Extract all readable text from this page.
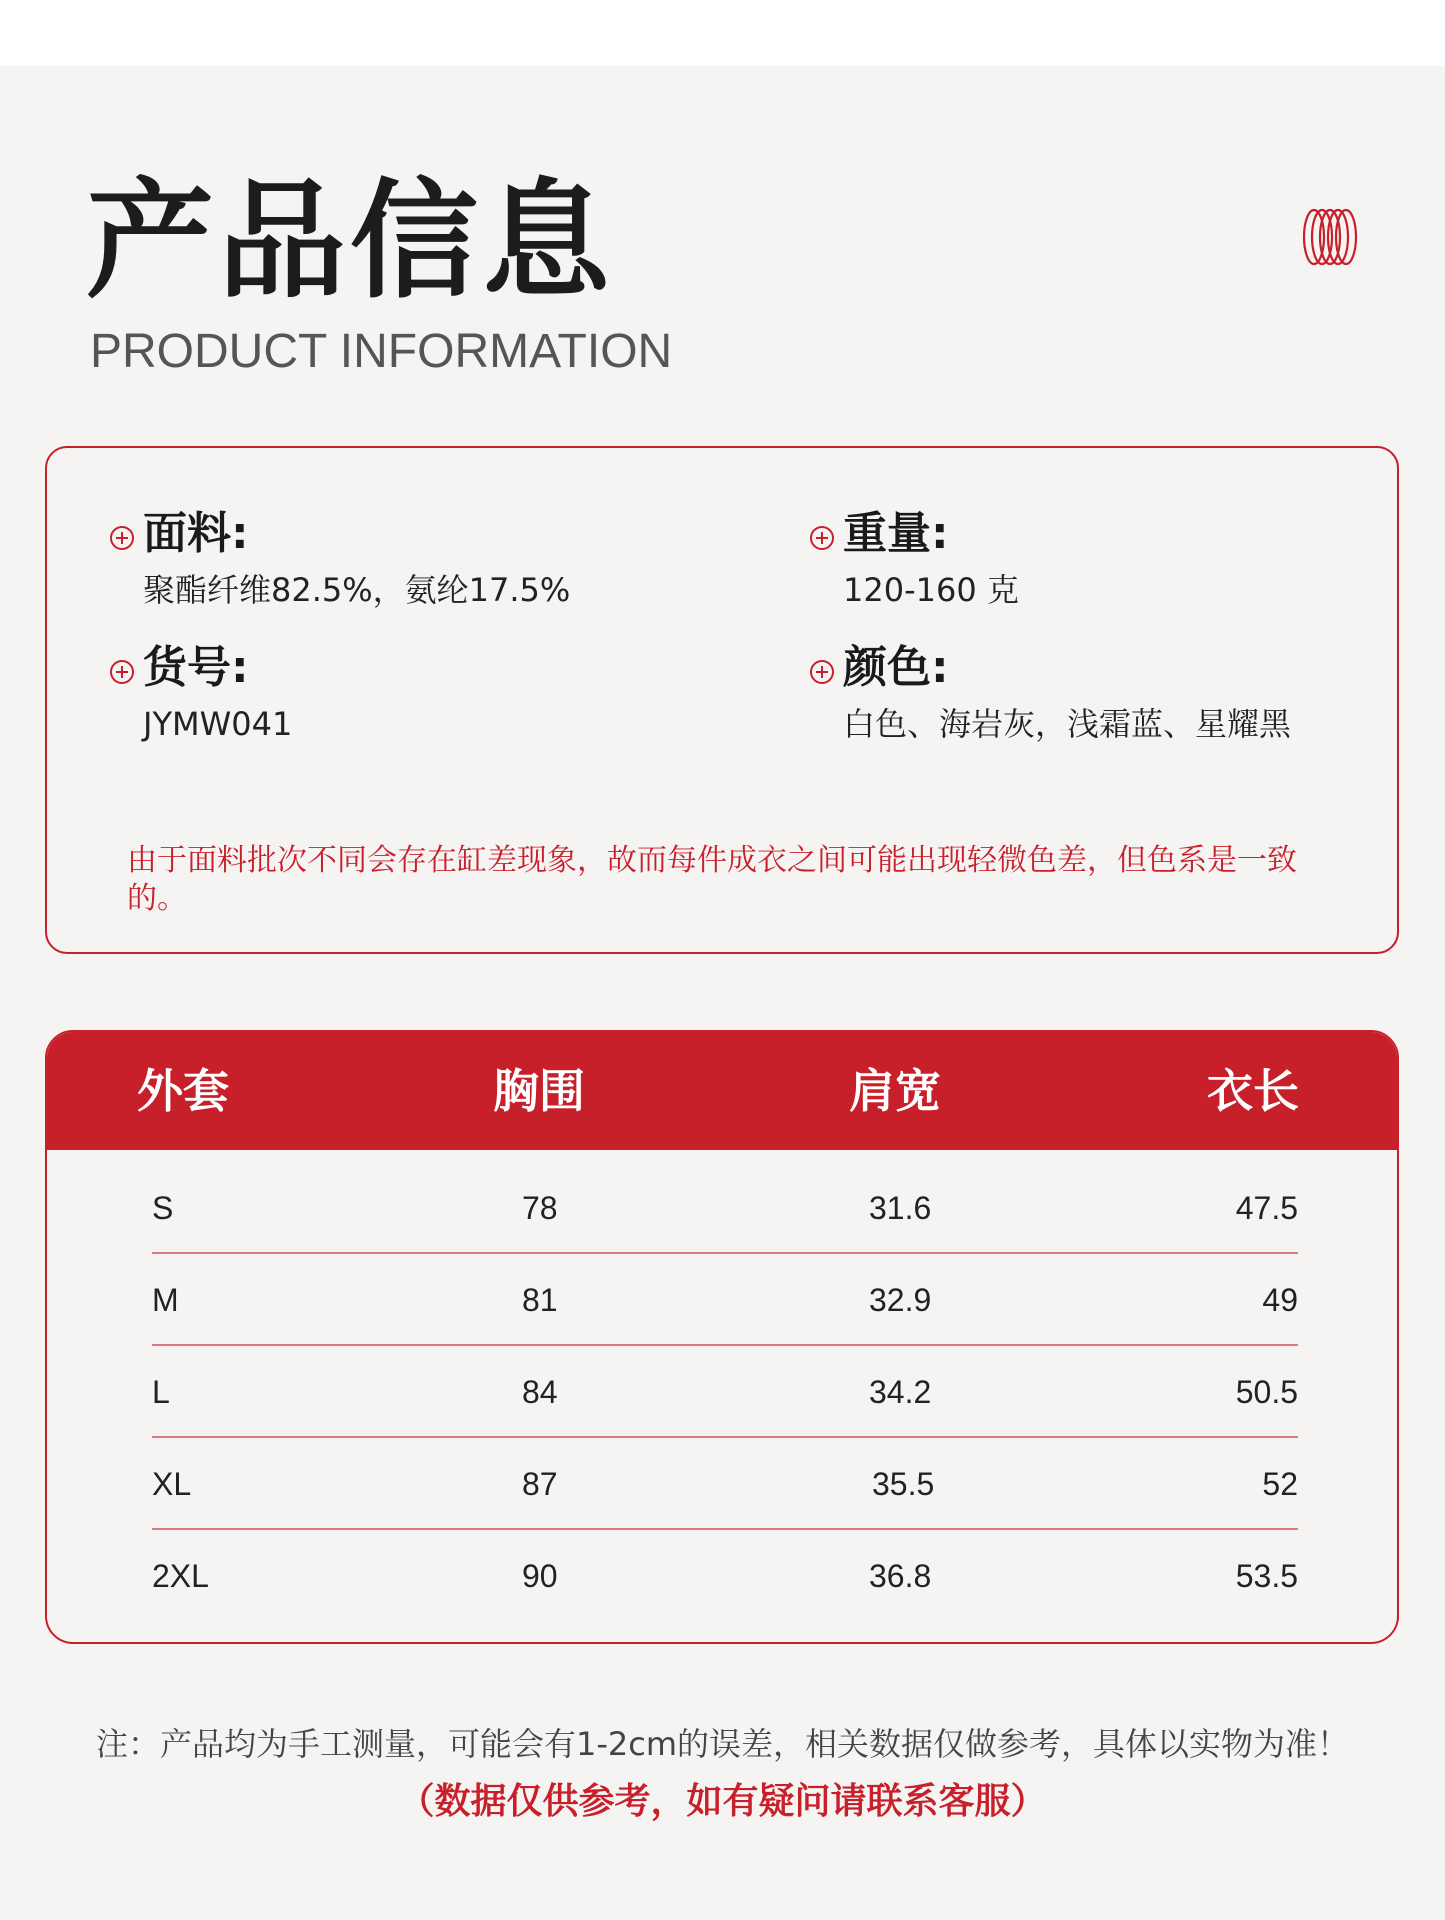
产品信息
PRODUCT INFORMATION
面料:
聚酯纤维82.5%，氨纶17.5%
重量:
120-160 克
货号:
JYMW041
颜色:
白色、海岩灰，浅霜蓝、星耀黑
由于面料批次不同会存在缸差现象，故而每件成衣之间可能出现轻微色差，但色系是一致的。
外套	胸围	肩宽	衣长
S	78	31.6	47.5
M	81	32.9	49
L	84	34.2	50.5
XL	87	35.5	52
2XL	90	36.8	53.5
注：产品均为手工测量，可能会有1-2cm的误差，相关数据仅做参考，具体以实物为准！
（数据仅供参考，如有疑问请联系客服）
